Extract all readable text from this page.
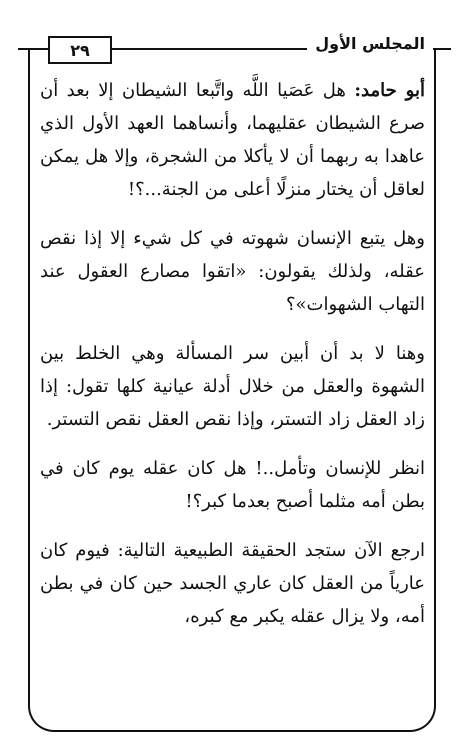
٢٩	المجلس الأول

أبو حامد: هل عَصَيا اللَّه واتَّبعا الشيطان إلا بعد أن صرع الشيطان عقليهما، وأنساهما العهد الأول الذي عاهدا به ربهما أن لا يأكلا من الشجرة، وإلا هل يمكن لعاقل أن يختار منزلًا أعلى من الجنة...؟!

وهل يتبع الإنسان شهوته في كل شيء إلا إذا نقص عقله، ولذلك يقولون: «اتقوا مصارع العقول عند التهاب الشهوات»؟

وهنا لا بد أن أبين سر المسألة وهي الخلط بين الشهوة والعقل من خلال أدلة عيانية كلها تقول: إذا زاد العقل زاد التستر، وإذا نقص العقل نقص التستر.

انظر للإنسان وتأمل..! هل كان عقله يوم كان في بطن أمه مثلما أصبح بعدما كبر؟!

ارجع الآن ستجد الحقيقة الطبيعية التالية: فيوم كان عارياً من العقل كان عاري الجسد حين كان في بطن أمه، ولا يزال عقله يكبر مع كبره،
